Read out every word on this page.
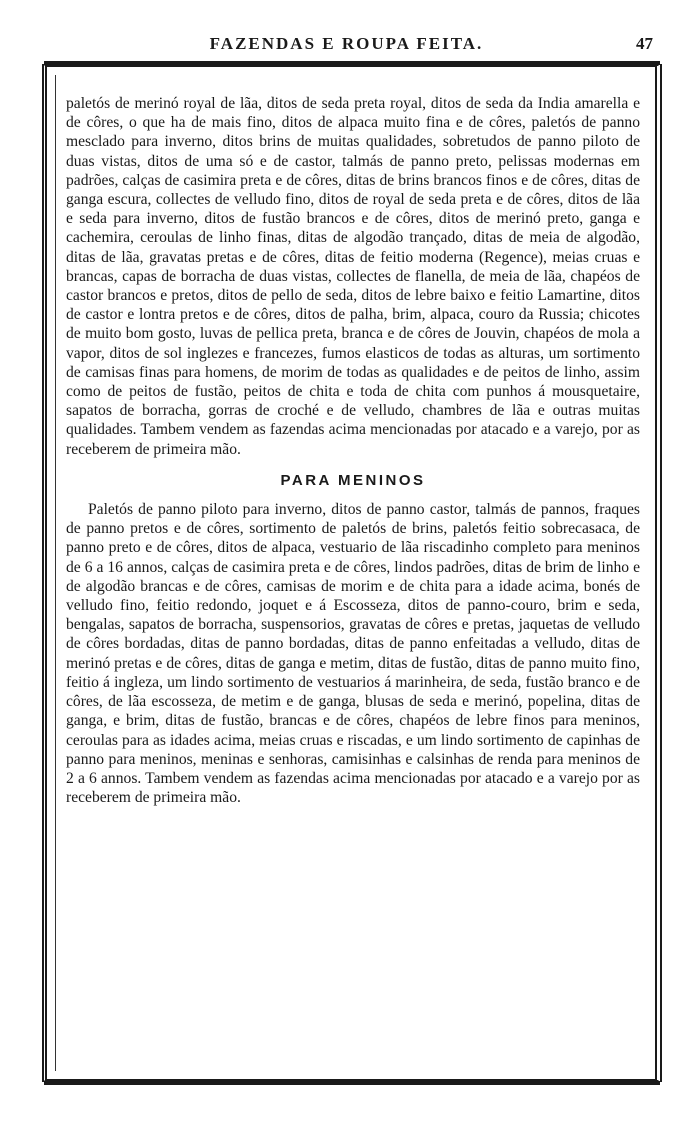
FAZENDAS E ROUPA FEITA.	47

paletós de merinó royal de lãa, ditos de seda preta royal, ditos de seda da India amarella e de côres, o que ha de mais fino, ditos de alpaca muito fina e de côres, paletós de panno mesclado para inverno, ditos brins de muitas qualidades, sobretudos de panno piloto de duas vistas, ditos de uma só e de castor, talmás de panno preto, pelissas modernas em padrões, calças de casimira preta e de côres, ditas de brins brancos finos e de côres, ditas de ganga escura, collectes de velludo fino, ditos de royal de seda preta e de côres, ditos de lãa e seda para inverno, ditos de fustão brancos e de côres, ditos de merinó preto, ganga e cachemira, ceroulas de linho finas, ditas de algodão trançado, ditas de meia de algodão, ditas de lãa, gravatas pretas e de côres, ditas de feitio moderna (Regence), meias cruas e brancas, capas de borracha de duas vistas, collectes de flanella, de meia de lãa, chapéos de castor brancos e pretos, ditos de pello de seda, ditos de lebre baixo e feitio Lamartine, ditos de castor e lontra pretos e de côres, ditos de palha, brim, alpaca, couro da Russia; chicotes de muito bom gosto, luvas de pellica preta, branca e de côres de Jouvin, chapéos de mola a vapor, ditos de sol inglezes e francezes, fumos elasticos de todas as alturas, um sortimento de camisas finas para homens, de morim de todas as qualidades e de peitos de linho, assim como de peitos de fustão, peitos de chita e toda de chita com punhos á mousquetaire, sapatos de borracha, gorras de croché e de velludo, chambres de lãa e outras muitas qualidades. Tambem vendem as fazendas acima mencionadas por atacado e a varejo, por as receberem de primeira mão.

PARA MENINOS

Paletós de panno piloto para inverno, ditos de panno castor, talmás de pannos, fraques de panno pretos e de côres, sortimento de paletós de brins, paletós feitio sobrecasaca, de panno preto e de côres, ditos de alpaca, vestuario de lãa riscadinho completo para meninos de 6 a 16 annos, calças de casimira preta e de côres, lindos padrões, ditas de brim de linho e de algodão brancas e de côres, camisas de morim e de chita para a idade acima, bonés de velludo fino, feitio redondo, joquet e á Escosseza, ditos de panno-couro, brim e seda, bengalas, sapatos de borracha, suspensorios, gravatas de côres e pretas, jaquetas de velludo de côres bordadas, ditas de panno bordadas, ditas de panno enfeitadas a velludo, ditas de merinó pretas e de côres, ditas de ganga e metim, ditas de fustão, ditas de panno muito fino, feitio á ingleza, um lindo sortimento de vestuarios á marinheira, de seda, fustão branco e de côres, de lãa escosseza, de metim e de ganga, blusas de seda e merinó, popelina, ditas de ganga, e brim, ditas de fustão, brancas e de côres, chapéos de lebre finos para meninos, ceroulas para as idades acima, meias cruas e riscadas, e um lindo sortimento de capinhas de panno para meninos, meninas e senhoras, camisinhas e calsinhas de renda para meninos de 2 a 6 annos. Tambem vendem as fazendas acima mencionadas por atacado e a varejo por as receberem de primeira mão.
